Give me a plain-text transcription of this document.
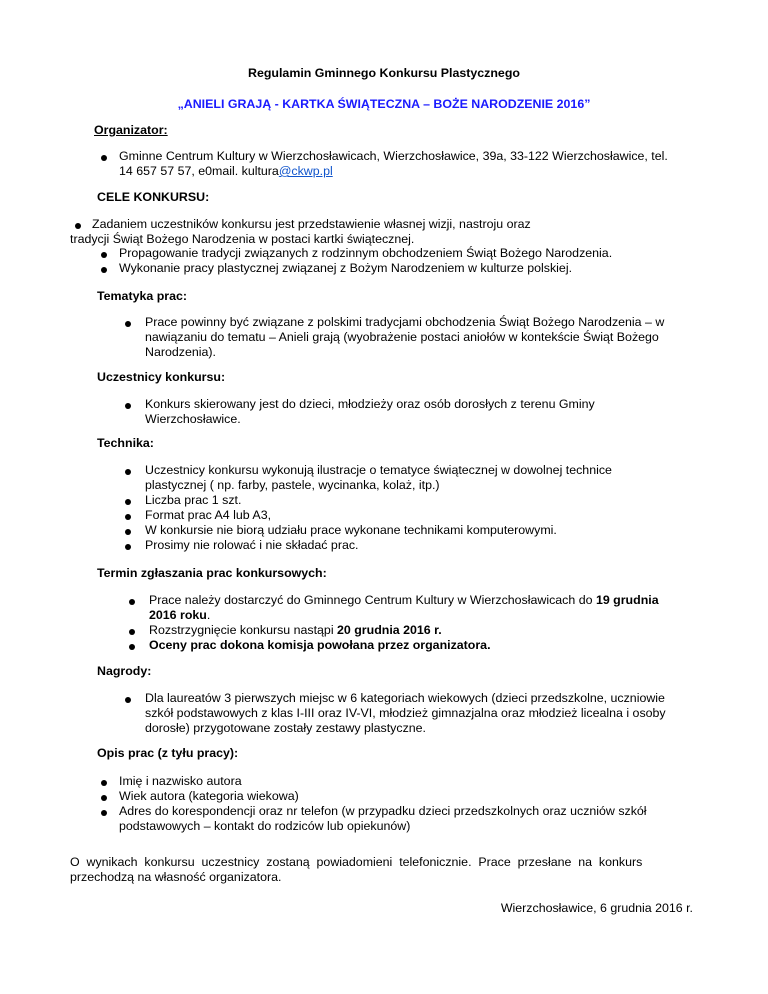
Regulamin Gminnego Konkursu Plastycznego
„ANIELI GRAJĄ - KARTKA ŚWIĄTECZNA – BOŻE NARODZENIE 2016”
Organizator:
Gminne Centrum Kultury w Wierzchosławicach, Wierzchosławice, 39a, 33-122 Wierzchosławice, tel.
14 657 57 57, e0mail. kultura@ckwp.pl
CELE KONKURSU:
Zadaniem uczestników konkursu jest przedstawienie własnej wizji, nastroju oraz
tradycji Świąt Bożego Narodzenia w postaci kartki świątecznej.
Propagowanie tradycji związanych z rodzinnym obchodzeniem Świąt Bożego Narodzenia.
Wykonanie pracy plastycznej związanej z Bożym Narodzeniem w kulturze polskiej.
Tematyka prac:
Prace powinny być związane z polskimi tradycjami obchodzenia Świąt Bożego Narodzenia – w
nawiązaniu do tematu – Anieli grają (wyobrażenie postaci aniołów w kontekście Świąt Bożego
Narodzenia).
Uczestnicy konkursu:
Konkurs skierowany jest do dzieci, młodzieży oraz osób dorosłych z terenu Gminy
Wierzchosławice.
Technika:
Uczestnicy konkursu wykonują ilustracje o tematyce świątecznej w dowolnej technice
plastycznej ( np. farby, pastele, wycinanka, kolaż, itp.)
Liczba prac 1 szt.
Format prac A4 lub A3,
W konkursie nie biorą udziału prace wykonane technikami komputerowymi.
Prosimy nie rolować i nie składać prac.
Termin zgłaszania prac konkursowych:
Prace należy dostarczyć do Gminnego Centrum Kultury w Wierzchosławicach do 19 grudnia
2016 roku.
Rozstrzygnięcie konkursu nastąpi 20 grudnia 2016 r.
Oceny prac dokona komisja powołana przez organizatora.
Nagrody:
Dla laureatów 3 pierwszych miejsc w 6 kategoriach wiekowych (dzieci przedszkolne, uczniowie
szkół podstawowych z klas I-III oraz IV-VI, młodzież gimnazjalna oraz młodzież licealna i osoby
dorosłe) przygotowane zostały zestawy plastyczne.
Opis prac (z tyłu pracy):
Imię i nazwisko autora
Wiek autora (kategoria wiekowa)
Adres do korespondencji oraz nr telefon (w przypadku dzieci przedszkolnych oraz uczniów szkół
podstawowych – kontakt do rodziców lub opiekunów)
O  wynikach  konkursu  uczestnicy  zostaną  powiadomieni  telefonicznie.  Prace  przesłane  na  konkurs
przechodzą na własność organizatora.
Wierzchosławice, 6 grudnia 2016 r.
